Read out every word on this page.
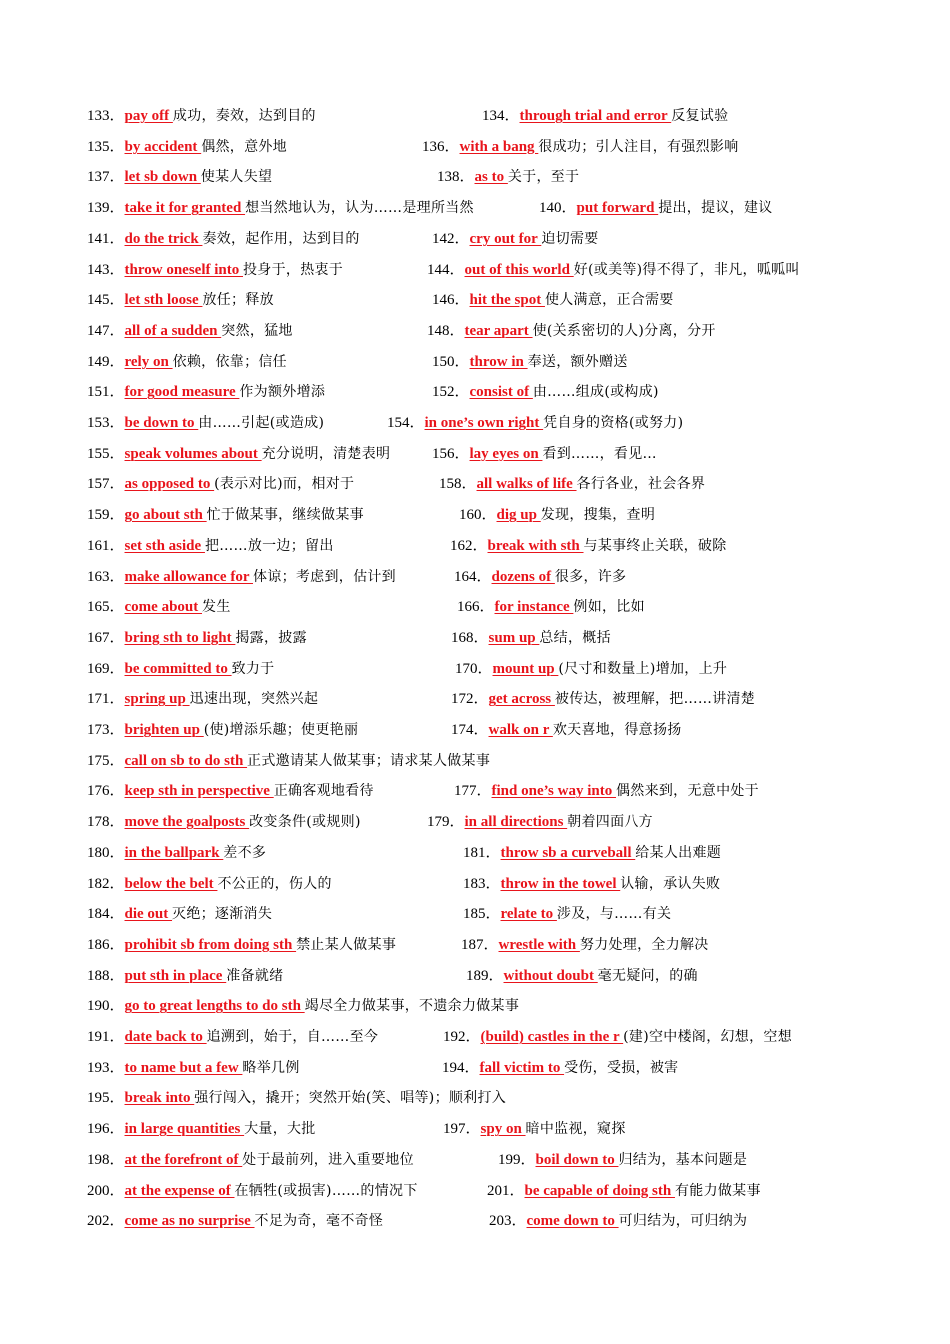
133．pay off 成功，奏效，达到目的	134．through trial and error 反复试验
135．by accident 偶然，意外地	136．with a bang 很成功；引人注目，有强烈影响
137．let sb down 使某人失望	138．as to 关于，至于
139．take it for granted 想当然地认为，认为……是理所当然	140．put forward 提出，提议，建议
141．do the trick 奏效，起作用，达到目的	142．cry out for 迫切需要
143．throw oneself into 投身于，热衷于	144．out of this world 好(或美等)得不得了，非凡，呱呱叫
145．let sth loose 放任；释放	146．hit the spot 使人满意，正合需要
147．all of a sudden 突然，猛地	148．tear apart 使(关系密切的人)分离，分开
149．rely on 依赖，依靠；信任	150．throw in 奉送，额外赠送
151．for good measure 作为额外增添	152．consist of 由……组成(或构成)
153．be down to 由……引起(或造成)	154．in one’s own right 凭自身的资格(或努力)
155．speak volumes about 充分说明，清楚表明	156．lay eyes on 看到……，看见…
157．as opposed to (表示对比)而，相对于	158．all walks of life 各行各业，社会各界
159．go about sth 忙于做某事，继续做某事	160．dig up 发现，搜集，查明
161．set sth aside 把……放一边；留出	162．break with sth 与某事终止关联，破除
163．make allowance for 体谅；考虑到，估计到	164．dozens of 很多，许多
165．come about 发生	166．for instance 例如，比如
167．bring sth to light 揭露，披露	168．sum up 总结，概括
169．be committed to 致力于	170．mount up (尺寸和数量上)增加，上升
171．spring up 迅速出现，突然兴起	172．get across 被传达，被理解，把……讲清楚
173．brighten up (使)增添乐趣；使更艳丽	174．walk on r 欢天喜地，得意扬扬
175．call on sb to do sth 正式邀请某人做某事；请求某人做某事
176．keep sth in perspective 正确客观地看待	177．find one’s way into 偶然来到，无意中处于
178．move the goalposts 改变条件(或规则)	179．in all directions 朝着四面八方
180．in the ballpark 差不多	181．throw sb a curveball 给某人出难题
182．below the belt 不公正的，伤人的	183．throw in the towel 认输，承认失败
184．die out 灭绝；逐渐消失	185．relate to 涉及，与……有关
186．prohibit sb from doing sth 禁止某人做某事	187．wrestle with 努力处理，全力解决
188．put sth in place 准备就绪	189．without doubt 毫无疑问，的确
190．go to great lengths to do sth 竭尽全力做某事，不遗余力做某事
191．date back to 追溯到，始于，自……至今	192．(build) castles in the r (建)空中楼阁，幻想，空想
193．to name but a few 略举几例	194．fall victim to 受伤，受损，被害
195．break into 强行闯入，撬开；突然开始(笑、唱等)；顺利打入
196．in large quantities 大量，大批	197．spy on 暗中监视，窥探
198．at the forefront of 处于最前列，进入重要地位	199．boil down to 归结为，基本问题是
200．at the expense of 在牺牲(或损害)……的情况下	201．be capable of doing sth 有能力做某事
202．come as no surprise 不足为奇，毫不奇怪	203．come down to 可归结为，可归纳为
